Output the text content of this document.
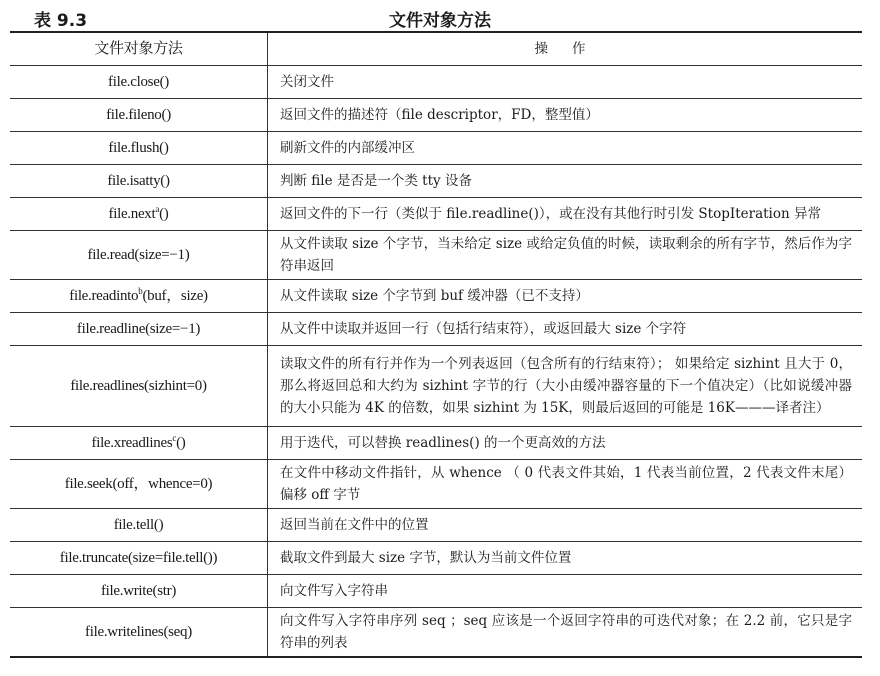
表 9.3	文件对象方法
文件对象方法	操作
file.close()	关闭文件
file.fileno()	返回文件的描述符（file descriptor，FD，整型值）
file.flush()	刷新文件的内部缓冲区
file.isatty()	判断 file 是否是一个类 tty 设备
file.next$^a$()	返回文件的下一行（类似于 file.readline()），或在没有其他行时引发 StopIteration 异常
file.read(size=−1)	从文件读取 size 个字节，当未给定 size 或给定负值的时候，读取剩余的所有字节，然后作为字符串返回
file.readinto$^b$(buf，size)	从文件读取 size 个字节到 buf 缓冲器（已不支持）
file.readline(size=−1)	从文件中读取并返回一行（包括行结束符），或返回最大 size 个字符
file.readlines(sizhint=0)	读取文件的所有行并作为一个列表返回（包含所有的行结束符）； 如果给定 sizhint 且大于 0，那么将返回总和大约为 sizhint 字节的行（大小由缓冲器容量的下一个值决定）（比如说缓冲器的大小只能为 4K 的倍数，如果 sizhint 为 15K，则最后返回的可能是 16K———译者注）
file.xreadlines$^c$()	用于迭代，可以替换 readlines() 的一个更高效的方法
file.seek(off，whence=0)	在文件中移动文件指针，从 whence （ 0 代表文件其始，1 代表当前位置，2 代表文件末尾）偏移 off 字节
file.tell()	返回当前在文件中的位置
file.truncate(size=file.tell())	截取文件到最大 size 字节，默认为当前文件位置
file.write(str)	向文件写入字符串
file.writelines(seq)	向文件写入字符串序列 seq ；seq 应该是一个返回字符串的可迭代对象；在 2.2 前，它只是字符串的列表
